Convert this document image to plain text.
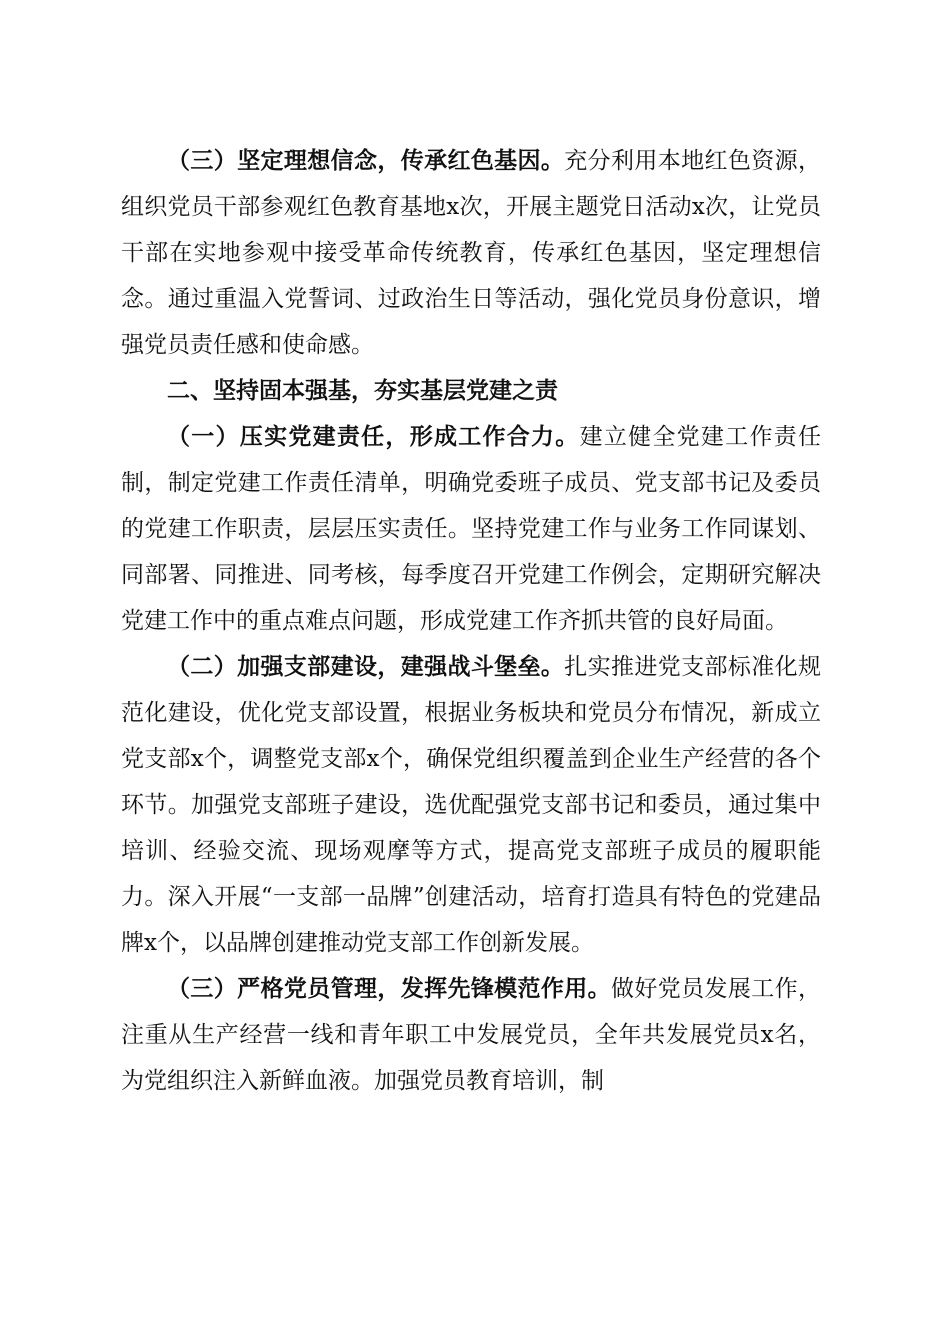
（三）坚定理想信念，传承红色基因。充分利用本地红色资源，组织党员干部参观红色教育基地x次，开展主题党日活动x次，让党员干部在实地参观中接受革命传统教育，传承红色基因，坚定理想信念。通过重温入党誓词、过政治生日等活动，强化党员身份意识，增强党员责任感和使命感。

二、坚持固本强基，夯实基层党建之责

（一）压实党建责任，形成工作合力。建立健全党建工作责任制，制定党建工作责任清单，明确党委班子成员、党支部书记及委员的党建工作职责，层层压实责任。坚持党建工作与业务工作同谋划、同部署、同推进、同考核，每季度召开党建工作例会，定期研究解决党建工作中的重点难点问题，形成党建工作齐抓共管的良好局面。

（二）加强支部建设，建强战斗堡垒。扎实推进党支部标准化规范化建设，优化党支部设置，根据业务板块和党员分布情况，新成立党支部x个，调整党支部x个，确保党组织覆盖到企业生产经营的各个环节。加强党支部班子建设，选优配强党支部书记和委员，通过集中培训、经验交流、现场观摩等方式，提高党支部班子成员的履职能力。深入开展“一支部一品牌”创建活动，培育打造具有特色的党建品牌x个，以品牌创建推动党支部工作创新发展。

（三）严格党员管理，发挥先锋模范作用。做好党员发展工作，注重从生产经营一线和青年职工中发展党员，全年共发展党员x名，为党组织注入新鲜血液。加强党员教育培训，制
